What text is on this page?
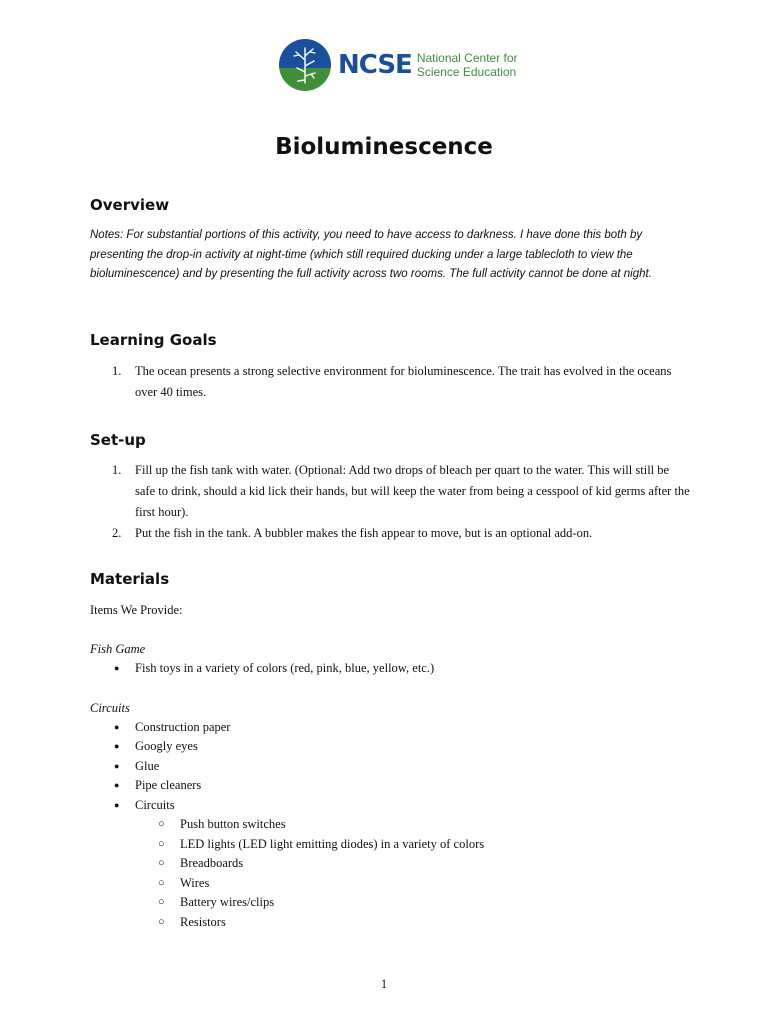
NCSE National Center for
Science Education
Bioluminescence
Overview
Notes: For substantial portions of this activity, you need to have access to darkness. I have done this both by presenting the drop-in activity at night-time (which still required ducking under a large tablecloth to view the bioluminescence) and by presenting the full activity across two rooms. The full activity cannot be done at night.
Learning Goals
1. The ocean presents a strong selective environment for bioluminescence. The trait has evolved in the oceans over 40 times.
Set-up
1. Fill up the fish tank with water. (Optional: Add two drops of bleach per quart to the water. This will still be safe to drink, should a kid lick their hands, but will keep the water from being a cesspool of kid germs after the first hour).
2. Put the fish in the tank. A bubbler makes the fish appear to move, but is an optional add-on.
Materials
Items We Provide:
Fish Game
● Fish toys in a variety of colors (red, pink, blue, yellow, etc.)
Circuits
● Construction paper
● Googly eyes
● Glue
● Pipe cleaners
● Circuits
○ Push button switches
○ LED lights (LED light emitting diodes) in a variety of colors
○ Breadboards
○ Wires
○ Battery wires/clips
○ Resistors
1
